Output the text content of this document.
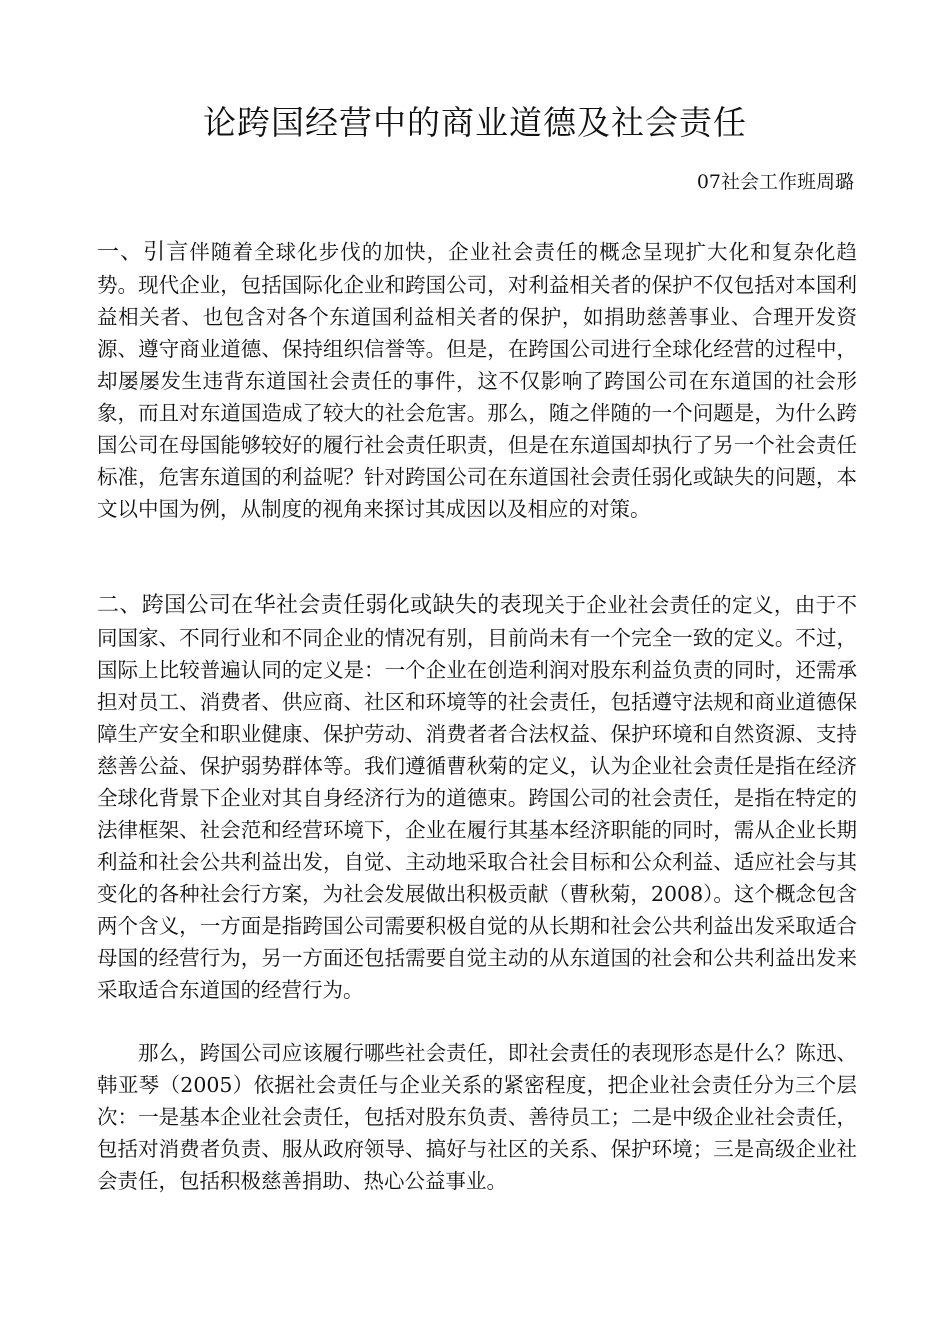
论跨国经营中的商业道德及社会责任
07社会工作班周璐

一、引言伴随着全球化步伐的加快，企业社会责任的概念呈现扩大化和复杂化趋势。现代企业，包括国际化企业和跨国公司，对利益相关者的保护不仅包括对本国利益相关者、也包含对各个东道国利益相关者的保护，如捐助慈善事业、合理开发资源、遵守商业道德、保持组织信誉等。但是，在跨国公司进行全球化经营的过程中，却屡屡发生违背东道国社会责任的事件，这不仅影响了跨国公司在东道国的社会形象，而且对东道国造成了较大的社会危害。那么，随之伴随的一个问题是，为什么跨国公司在母国能够较好的履行社会责任职责，但是在东道国却执行了另一个社会责任标准，危害东道国的利益呢？针对跨国公司在东道国社会责任弱化或缺失的问题，本文以中国为例，从制度的视角来探讨其成因以及相应的对策。

二、跨国公司在华社会责任弱化或缺失的表现关于企业社会责任的定义，由于不同国家、不同行业和不同企业的情况有别，目前尚未有一个完全一致的定义。不过，国际上比较普遍认同的定义是：一个企业在创造利润对股东利益负责的同时，还需承担对员工、消费者、供应商、社区和环境等的社会责任，包括遵守法规和商业道德保障生产安全和职业健康、保护劳动、消费者者合法权益、保护环境和自然资源、支持慈善公益、保护弱势群体等。我们遵循曹秋菊的定义，认为企业社会责任是指在经济全球化背景下企业对其自身经济行为的道德束。跨国公司的社会责任，是指在特定的法律框架、社会范和经营环境下，企业在履行其基本经济职能的同时，需从企业长期利益和社会公共利益出发，自觉、主动地采取合社会目标和公众利益、适应社会与其变化的各种社会行方案，为社会发展做出积极贡献（曹秋菊，2008）。这个概念包含两个含义，一方面是指跨国公司需要积极自觉的从长期和社会公共利益出发采取适合母国的经营行为，另一方面还包括需要自觉主动的从东道国的社会和公共利益出发来采取适合东道国的经营行为。

那么，跨国公司应该履行哪些社会责任，即社会责任的表现形态是什么？陈迅、韩亚琴（2005）依据社会责任与企业关系的紧密程度，把企业社会责任分为三个层次：一是基本企业社会责任，包括对股东负责、善待员工；二是中级企业社会责任，包括对消费者负责、服从政府领导、搞好与社区的关系、保护环境；三是高级企业社会责任，包括积极慈善捐助、热心公益事业。
